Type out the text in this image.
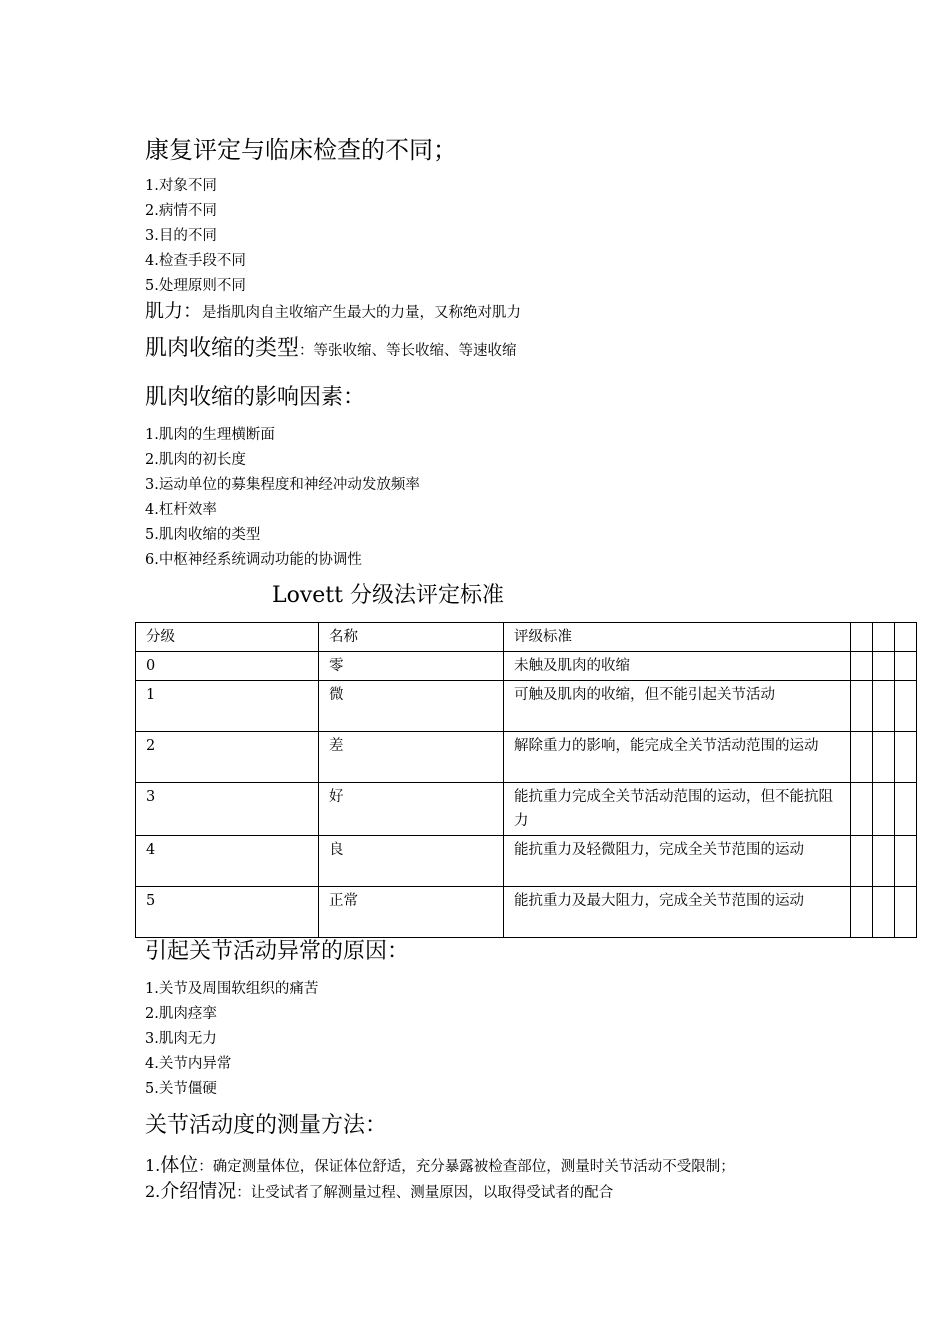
康复评定与临床检查的不同；
1.对象不同
2.病情不同
3.目的不同
4.检查手段不同
5.处理原则不同
肌力：是指肌肉自主收缩产生最大的力量，又称绝对肌力
肌肉收缩的类型：等张收缩、等长收缩、等速收缩
肌肉收缩的影响因素：
1.肌肉的生理横断面
2.肌肉的初长度
3.运动单位的募集程度和神经冲动发放频率
4.杠杆效率
5.肌肉收缩的类型
6.中枢神经系统调动功能的协调性
Lovett 分级法评定标准
分级	名称	评级标准			
0	零	未触及肌肉的收缩			
1	微	可触及肌肉的收缩，但不能引起关节活动			
2	差	解除重力的影响，能完成全关节活动范围的运动			
3	好	能抗重力完成全关节活动范围的运动，但不能抗阻力			
4	良	能抗重力及轻微阻力，完成全关节范围的运动			
5	正常	能抗重力及最大阻力，完成全关节范围的运动			
引起关节活动异常的原因：
1.关节及周围软组织的痛苦
2.肌肉痉挛
3.肌肉无力
4.关节内异常
5.关节僵硬
关节活动度的测量方法：
1.体位：确定测量体位，保证体位舒适，充分暴露被检查部位，测量时关节活动不受限制；
2.介绍情况：让受试者了解测量过程、测量原因，以取得受试者的配合
